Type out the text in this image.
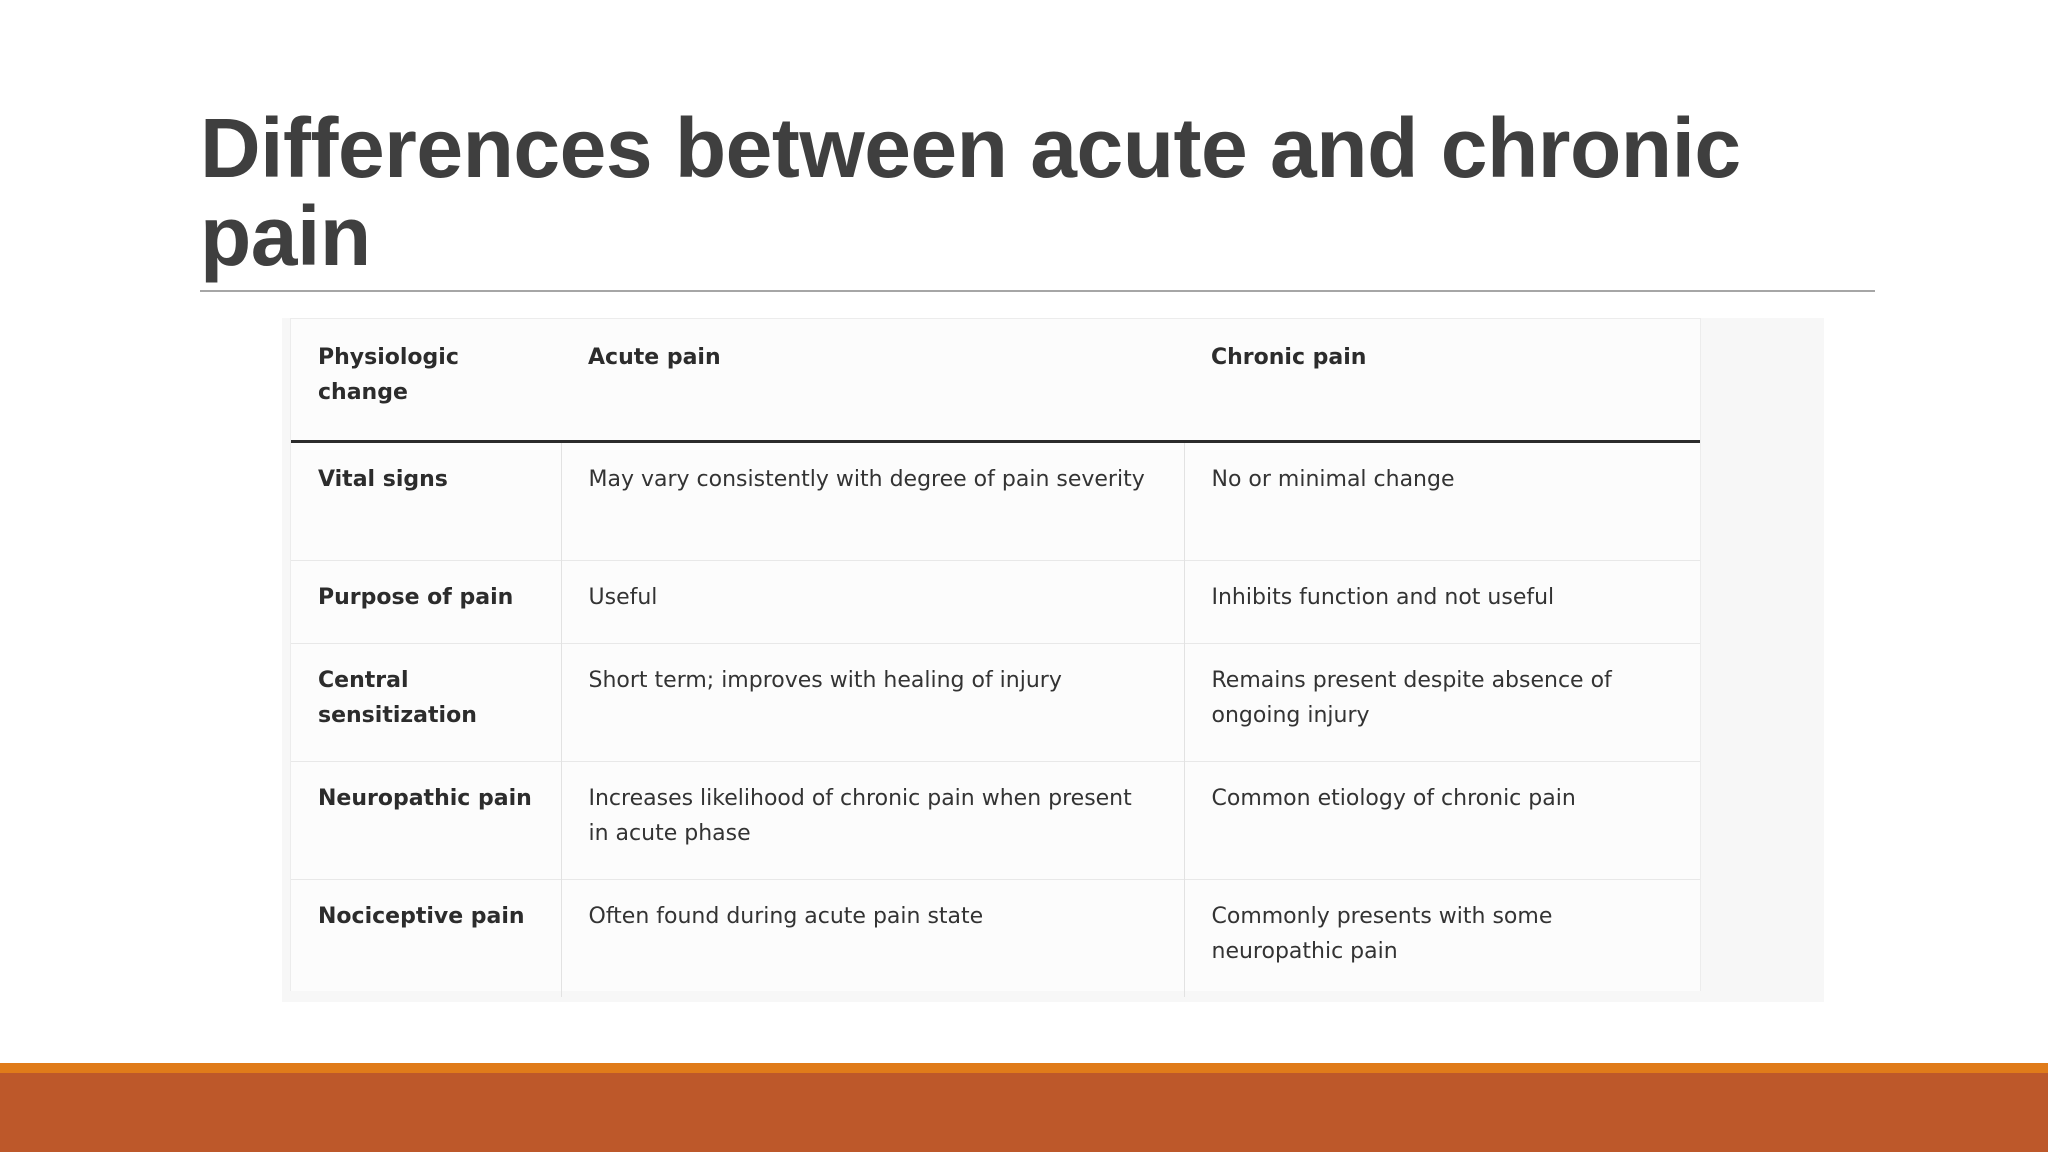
Differences between acute and chronic pain
Physiologic change	Acute pain	Chronic pain
Vital signs	May vary consistently with degree of pain severity	No or minimal change
Purpose of pain	Useful	Inhibits function and not useful
Central sensitization	Short term; improves with healing of injury	Remains present despite absence of ongoing injury
Neuropathic pain	Increases likelihood of chronic pain when present in acute phase	Common etiology of chronic pain
Nociceptive pain	Often found during acute pain state	Commonly presents with some neuropathic pain
